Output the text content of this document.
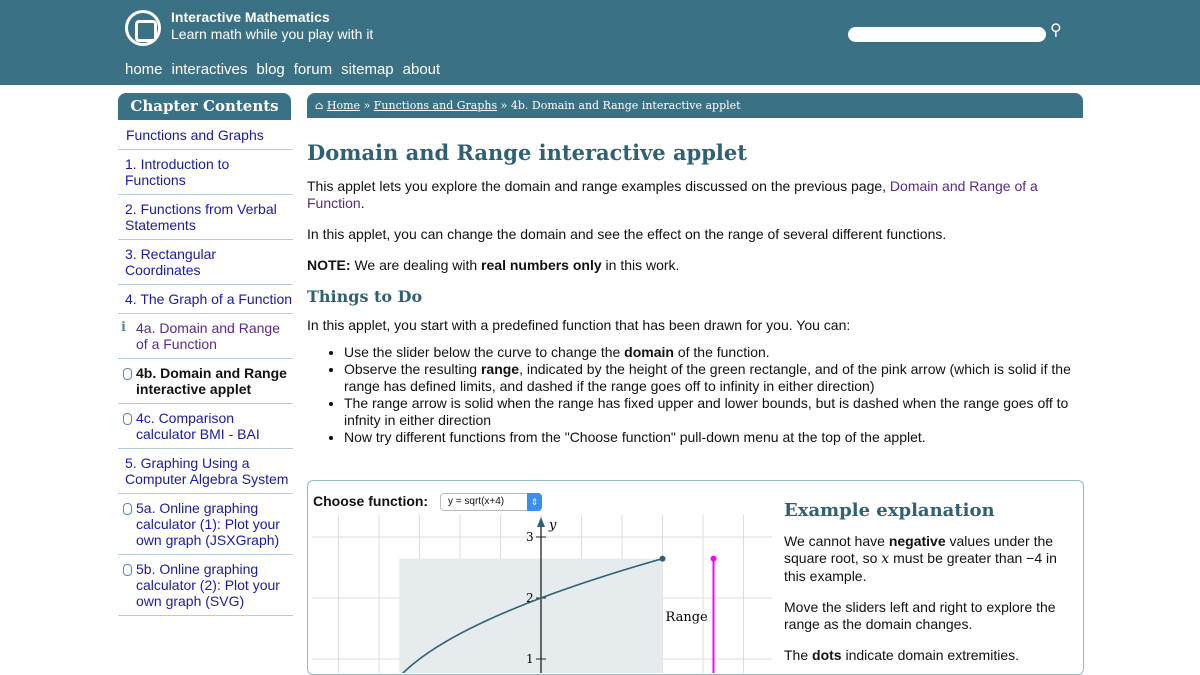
Interactive Mathematics
Learn math while you play with it	⚲
home interactives blog forum sitemap about
Chapter Contents
Functions and Graphs
1. Introduction to Functions
2. Functions from Verbal Statements
3. Rectangular Coordinates
4. The Graph of a Function
i 4a. Domain and Range of a Function
4b. Domain and Range interactive applet
4c. Comparison calculator BMI - BAI
5. Graphing Using a Computer Algebra System
5a. Online graphing calculator (1): Plot your own graph (JSXGraph)
5b. Online graphing calculator (2): Plot your own graph (SVG)
⌂ Home » Functions and Graphs » 4b. Domain and Range interactive applet
Domain and Range interactive applet

This applet lets you explore the domain and range examples discussed on the previous page, Domain and Range of a Function.

In this applet, you can change the domain and see the effect on the range of several different functions.

NOTE: We are dealing with real numbers only in this work.

Things to Do

In this applet, you start with a predefined function that has been drawn for you. You can:

• Use the slider below the curve to change the domain of the function.
• Observe the resulting range, indicated by the height of the green rectangle, and of the pink arrow (which is solid if the range has defined limits, and dashed if the range goes off to infinity in either direction)
• The range arrow is solid when the range has fixed upper and lower bounds, but is dashed when the range goes off to infnity in either direction
• Now try different functions from the "Choose function" pull-down menu at the top of the applet.
Choose function:	y = sqrt(x+4)	⇕
y
1
2
3
Range
Example explanation

We cannot have negative values under the square root, so x must be greater than −4 in this example.

Move the sliders left and right to explore the range as the domain changes.

The dots indicate domain extremities.
